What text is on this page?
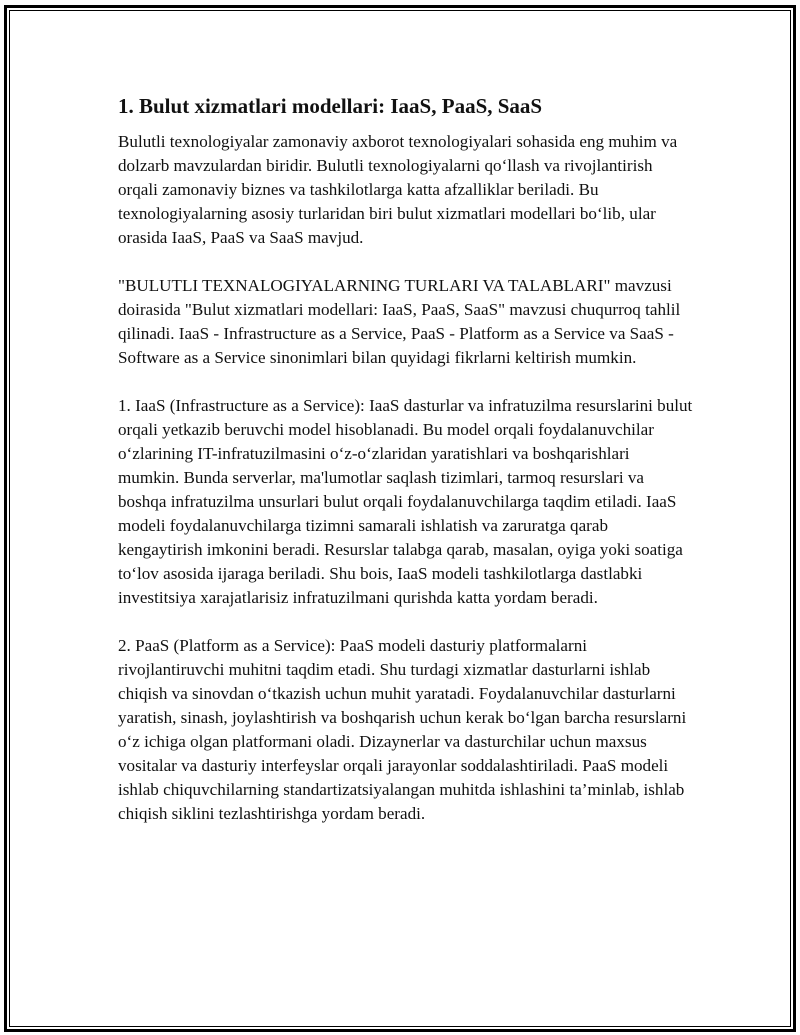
1. Bulut xizmatlari modellari: IaaS, PaaS, SaaS

Bulutli texnologiyalar zamonaviy axborot texnologiyalari sohasida eng muhim va dolzarb mavzulardan biridir. Bulutli texnologiyalarni qo‘llash va rivojlantirish orqali zamonaviy biznes va tashkilotlarga katta afzalliklar beriladi. Bu texnologiyalarning asosiy turlaridan biri bulut xizmatlari modellari bo‘lib, ular orasida IaaS, PaaS va SaaS mavjud.

"BULUTLI TEXNALOGIYALARNING TURLARI VA TALABLARI" mavzusi doirasida "Bulut xizmatlari modellari: IaaS, PaaS, SaaS" mavzusi chuqurroq tahlil qilinadi. IaaS - Infrastructure as a Service, PaaS - Platform as a Service va SaaS - Software as a Service sinonimlari bilan quyidagi fikrlarni keltirish mumkin.

1. IaaS (Infrastructure as a Service): IaaS dasturlar va infratuzilma resurslarini bulut orqali yetkazib beruvchi model hisoblanadi. Bu model orqali foydalanuvchilar o‘zlarining IT-infratuzilmasini o‘z-o‘zlaridan yaratishlari va boshqarishlari mumkin. Bunda serverlar, ma'lumotlar saqlash tizimlari, tarmoq resurslari va boshqa infratuzilma unsurlari bulut orqali foydalanuvchilarga taqdim etiladi. IaaS modeli foydalanuvchilarga tizimni samarali ishlatish va zaruratga qarab kengaytirish imkonini beradi. Resurslar talabga qarab, masalan, oyiga yoki soatiga to‘lov asosida ijaraga beriladi. Shu bois, IaaS modeli tashkilotlarga dastlabki investitsiya xarajatlarisiz infratuzilmani qurishda katta yordam beradi.

2. PaaS (Platform as a Service): PaaS modeli dasturiy platformalarni rivojlantiruvchi muhitni taqdim etadi. Shu turdagi xizmatlar dasturlarni ishlab chiqish va sinovdan o‘tkazish uchun muhit yaratadi. Foydalanuvchilar dasturlarni yaratish, sinash, joylashtirish va boshqarish uchun kerak bo‘lgan barcha resurslarni o‘z ichiga olgan platformani oladi. Dizaynerlar va dasturchilar uchun maxsus vositalar va dasturiy interfeyslar orqali jarayonlar soddalashtiriladi. PaaS modeli ishlab chiquvchilarning standartizatsiyalangan muhitda ishlashini ta’minlab, ishlab chiqish siklini tezlashtirishga yordam beradi.
